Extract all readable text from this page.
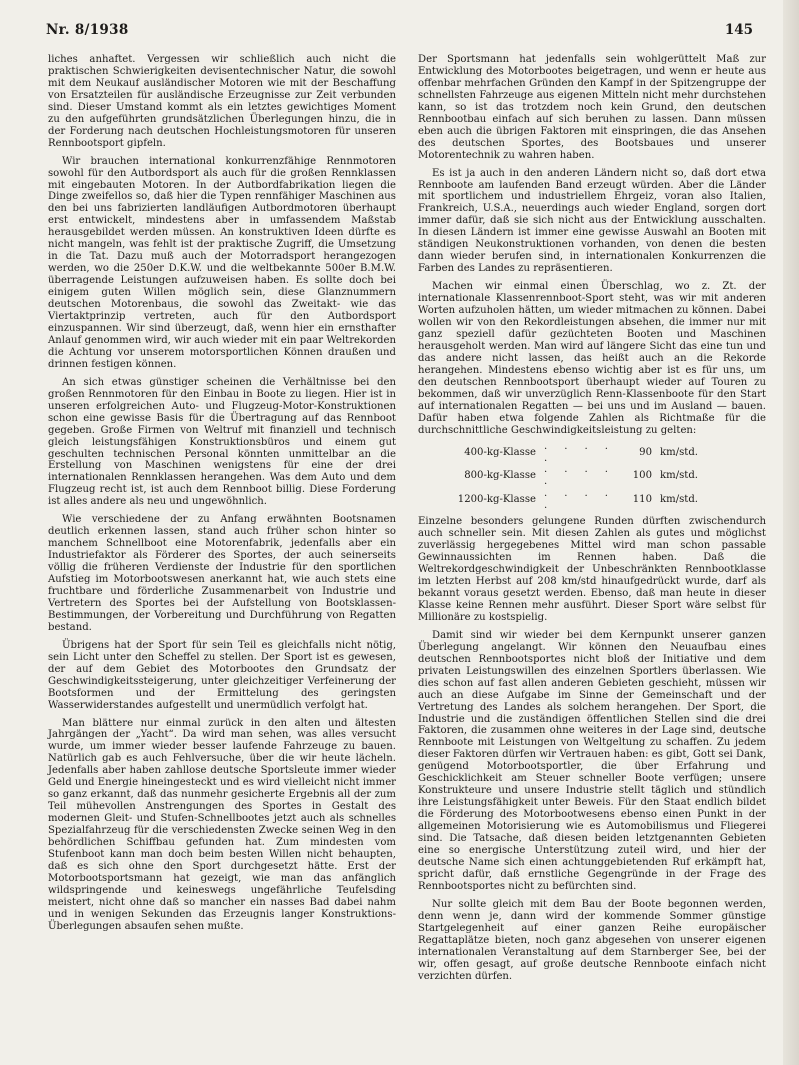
Nr. 8/1938	145

liches anhaftet. Vergessen wir schließlich auch nicht die praktischen Schwierigkeiten devisentechnischer Natur, die sowohl mit dem Neukauf ausländischer Motoren wie mit der Beschaffung von Ersatzteilen für ausländische Erzeugnisse zur Zeit verbunden sind. Dieser Umstand kommt als ein letztes gewichtiges Moment zu den aufgeführten grundsätzlichen Überlegungen hinzu, die in der Forderung nach deutschen Hochleistungsmotoren für unseren Rennbootsport gipfeln.

Wir brauchen international konkurrenzfähige Rennmotoren sowohl für den Autbordsport als auch für die großen Rennklassen mit eingebauten Motoren. In der Autbordfabrikation liegen die Dinge zweifellos so, daß hier die Typen rennfähiger Maschinen aus den bei uns fabrizierten landläufigen Autbordmotoren überhaupt erst entwickelt, mindestens aber in umfassendem Maßstab herausgebildet werden müssen. An konstruktiven Ideen dürfte es nicht mangeln, was fehlt ist der praktische Zugriff, die Umsetzung in die Tat. Dazu muß auch der Motorradsport herangezogen werden, wo die 250er D.K.W. und die weltbekannte 500er B.M.W. überragende Leistungen aufzuweisen haben. Es sollte doch bei einigem guten Willen möglich sein, diese Glanznummern deutschen Motorenbaus, die sowohl das Zweitakt- wie das Viertaktprinzip vertreten, auch für den Autbordsport einzuspannen. Wir sind überzeugt, daß, wenn hier ein ernsthafter Anlauf genommen wird, wir auch wieder mit ein paar Weltrekorden die Achtung vor unserem motorsportlichen Können draußen und drinnen festigen können.

An sich etwas günstiger scheinen die Verhältnisse bei den großen Rennmotoren für den Einbau in Boote zu liegen. Hier ist in unseren erfolgreichen Auto- und Flugzeug-Motor-Konstruktionen schon eine gewisse Basis für die Übertragung auf das Rennboot gegeben. Große Firmen von Weltruf mit finanziell und technisch gleich leistungsfähigen Konstruktionsbüros und einem gut geschulten technischen Personal könnten unmittelbar an die Erstellung von Maschinen wenigstens für eine der drei internationalen Rennklassen herangehen. Was dem Auto und dem Flugzeug recht ist, ist auch dem Rennboot billig. Diese Forderung ist alles andere als neu und ungewöhnlich.

Wie verschiedene der zu Anfang erwähnten Bootsnamen deutlich erkennen lassen, stand auch früher schon hinter so manchem Schnellboot eine Motorenfabrik, jedenfalls aber ein Industriefaktor als Förderer des Sportes, der auch seinerseits völlig die früheren Verdienste der Industrie für den sportlichen Aufstieg im Motorbootswesen anerkannt hat, wie auch stets eine fruchtbare und förderliche Zusammenarbeit von Industrie und Vertretern des Sportes bei der Aufstellung von Bootsklassen-Bestimmungen, der Vorbereitung und Durchführung von Regatten bestand.

Übrigens hat der Sport für sein Teil es gleichfalls nicht nötig, sein Licht unter den Scheffel zu stellen. Der Sport ist es gewesen, der auf dem Gebiet des Motorbootes den Grundsatz der Geschwindigkeitssteigerung, unter gleichzeitiger Verfeinerung der Bootsformen und der Ermittelung des geringsten Wasserwiderstandes aufgestellt und unermüdlich verfolgt hat.

Man blättere nur einmal zurück in den alten und ältesten Jahrgängen der „Yacht“. Da wird man sehen, was alles versucht wurde, um immer wieder besser laufende Fahrzeuge zu bauen. Natürlich gab es auch Fehlversuche, über die wir heute lächeln. Jedenfalls aber haben zahllose deutsche Sportsleute immer wieder Geld und Energie hineingesteckt und es wird vielleicht nicht immer so ganz erkannt, daß das nunmehr gesicherte Ergebnis all der zum Teil mühevollen Anstrengungen des Sportes in Gestalt des modernen Gleit- und Stufen-Schnellbootes jetzt auch als schnelles Spezialfahrzeug für die verschiedensten Zwecke seinen Weg in den behördlichen Schiffbau gefunden hat. Zum mindesten vom Stufenboot kann man doch beim besten Willen nicht behaupten, daß es sich ohne den Sport durchgesetzt hätte. Erst der Motorbootsportsmann hat gezeigt, wie man das anfänglich wildspringende und keineswegs ungefährliche Teufelsding meistert, nicht ohne daß so mancher ein nasses Bad dabei nahm und in wenigen Sekunden das Erzeugnis langer Konstruktions-Überlegungen absaufen sehen mußte.

Der Sportsmann hat jedenfalls sein wohlgerüttelt Maß zur Entwicklung des Motorbootes beigetragen, und wenn er heute aus offenbar mehrfachen Gründen den Kampf in der Spitzengruppe der schnellsten Fahrzeuge aus eigenen Mitteln nicht mehr durchstehen kann, so ist das trotzdem noch kein Grund, den deutschen Rennbootbau einfach auf sich beruhen zu lassen. Dann müssen eben auch die übrigen Faktoren mit einspringen, die das Ansehen des deutschen Sportes, des Bootsbaues und unserer Motorentechnik zu wahren haben.

Es ist ja auch in den anderen Ländern nicht so, daß dort etwa Rennboote am laufenden Band erzeugt würden. Aber die Länder mit sportlichem und industriellem Ehrgeiz, voran also Italien, Frankreich, U.S.A., neuerdings auch wieder England, sorgen dort immer dafür, daß sie sich nicht aus der Entwicklung ausschalten. In diesen Ländern ist immer eine gewisse Auswahl an Booten mit ständigen Neukonstruktionen vorhanden, von denen die besten dann wieder berufen sind, in internationalen Konkurrenzen die Farben des Landes zu repräsentieren.

Machen wir einmal einen Überschlag, wo z. Zt. der internationale Klassenrennboot-Sport steht, was wir mit anderen Worten aufzuholen hätten, um wieder mitmachen zu können. Dabei wollen wir von den Rekordleistungen absehen, die immer nur mit ganz speziell dafür gezüchteten Booten und Maschinen herausgeholt werden. Man wird auf längere Sicht das eine tun und das andere nicht lassen, das heißt auch an die Rekorde herangehen. Mindestens ebenso wichtig aber ist es für uns, um den deutschen Rennbootsport überhaupt wieder auf Touren zu bekommen, daß wir unverzüglich Renn-Klassenboote für den Start auf internationalen Regatten — bei uns und im Ausland — bauen. Dafür haben etwa folgende Zahlen als Richtmaße für die durchschnittliche Geschwindigkeitsleistung zu gelten:

400-kg-Klasse	. . . . .	90	km/std.
800-kg-Klasse	. . . . .	100	km/std.
1200-kg-Klasse	. . . . .	110	km/std.

Einzelne besonders gelungene Runden dürften zwischendurch auch schneller sein. Mit diesen Zahlen als gutes und möglichst zuverlässig hergegebenes Mittel wird man schon passable Gewinnaussichten im Rennen haben. Daß die Weltrekordgeschwindigkeit der Unbeschränkten Rennbootklasse im letzten Herbst auf 208 km/std hinaufgedrückt wurde, darf als bekannt voraus gesetzt werden. Ebenso, daß man heute in dieser Klasse keine Rennen mehr ausführt. Dieser Sport wäre selbst für Millionäre zu kostspielig.

Damit sind wir wieder bei dem Kernpunkt unserer ganzen Überlegung angelangt. Wir können den Neuaufbau eines deutschen Rennbootsportes nicht bloß der Initiative und dem privaten Leistungswillen des einzelnen Sportlers überlassen. Wie dies schon auf fast allen anderen Gebieten geschieht, müssen wir auch an diese Aufgabe im Sinne der Gemeinschaft und der Vertretung des Landes als solchem herangehen. Der Sport, die Industrie und die zuständigen öffentlichen Stellen sind die drei Faktoren, die zusammen ohne weiteres in der Lage sind, deutsche Rennboote mit Leistungen von Weltgeltung zu schaffen. Zu jedem dieser Faktoren dürfen wir Vertrauen haben: es gibt, Gott sei Dank, genügend Motorbootsportler, die über Erfahrung und Geschicklichkeit am Steuer schneller Boote verfügen; unsere Konstrukteure und unsere Industrie stellt täglich und stündlich ihre Leistungsfähigkeit unter Beweis. Für den Staat endlich bildet die Förderung des Motorbootwesens ebenso einen Punkt in der allgemeinen Motorisierung wie es Automobilismus und Fliegerei sind. Die Tatsache, daß diesen beiden letztgenannten Gebieten eine so energische Unterstützung zuteil wird, und hier der deutsche Name sich einen achtunggebietenden Ruf erkämpft hat, spricht dafür, daß ernstliche Gegengründe in der Frage des Rennbootsportes nicht zu befürchten sind.

Nur sollte gleich mit dem Bau der Boote begonnen werden, denn wenn je, dann wird der kommende Sommer günstige Startgelegenheit auf einer ganzen Reihe europäischer Regattaplätze bieten, noch ganz abgesehen von unserer eigenen internationalen Veranstaltung auf dem Starnberger See, bei der wir, offen gesagt, auf große deutsche Rennboote einfach nicht verzichten dürfen.
